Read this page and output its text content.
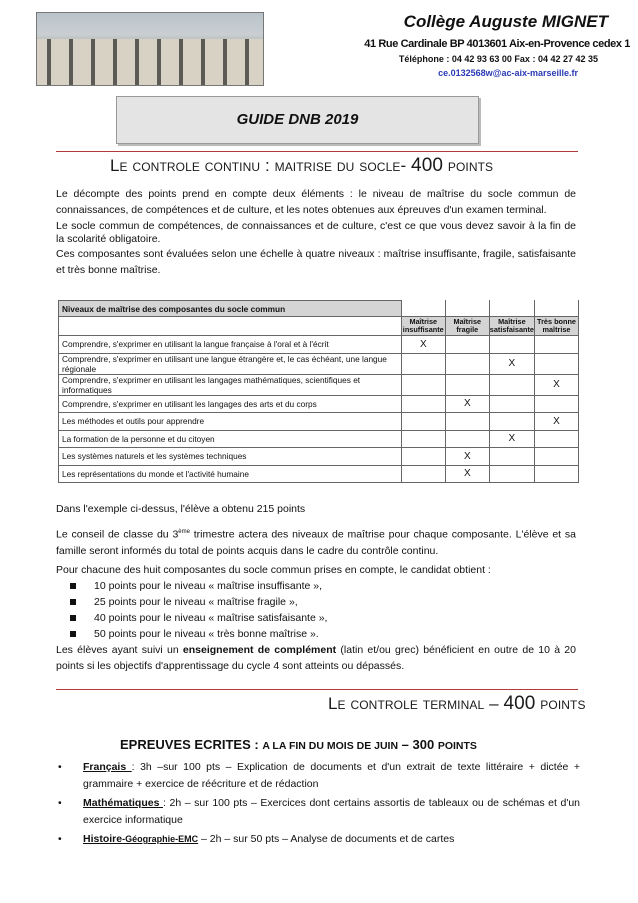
Collège Auguste MIGNET
41 Rue Cardinale BP 4013601 Aix-en-Provence cedex 1
Téléphone : 04 42 93 63 00 Fax : 04 42 27 42 35
ce.0132568w@ac-aix-marseille.fr
GUIDE DNB 2019
Le controle continu : maitrise du socle- 400 points
Le décompte des points prend en compte deux éléments : le niveau de maîtrise du socle commun de connaissances, de compétences et de culture, et les notes obtenues aux épreuves d'un examen terminal.
Le socle commun de compétences, de connaissances et de culture, c'est ce que vous devez savoir à la fin de la scolarité obligatoire.
Ces composantes sont évaluées selon une échelle à quatre niveaux : maîtrise insuffisante, fragile, satisfaisante et très bonne maîtrise.
Niveaux de maîtrise des composantes du socle commun				
	Maîtrise insuffisante	Maîtrise fragile	Maîtrise satisfaisante	Très bonne maîtrise
Comprendre, s'exprimer en utilisant la langue française à l'oral et à l'écrit	X			
Comprendre, s'exprimer en utilisant une langue étrangère et, le cas échéant, une langue régionale			X	
Comprendre, s'exprimer en utilisant les langages mathématiques, scientifiques et informatiques				X
Comprendre, s'exprimer en utilisant les langages des arts et du corps		X		
Les méthodes et outils pour apprendre				X
La formation de la personne et du citoyen			X	
Les systèmes naturels et les systèmes techniques		X		
Les représentations du monde et l'activité humaine		X		
Dans l'exemple ci-dessus, l'élève a obtenu 215 points
Le conseil de classe du 3ème trimestre actera des niveaux de maîtrise pour chaque composante. L'élève et sa famille seront informés du total de points acquis dans le cadre du contrôle continu.
Pour chacune des huit composantes du socle commun prises en compte, le candidat obtient :
10 points pour le niveau « maîtrise insuffisante »,
25 points pour le niveau « maîtrise fragile »,
40 points pour le niveau « maîtrise satisfaisante »,
50 points pour le niveau « très bonne maîtrise ».
Les élèves ayant suivi un enseignement de complément (latin et/ou grec) bénéficient en outre de 10 à 20 points si les objectifs d'apprentissage du cycle 4 sont atteints ou dépassés.
Le controle terminal – 400 points
EPREUVES ECRITES : A LA FIN DU MOIS DE JUIN – 300 POINTS
• Français : 3h –sur 100 pts – Explication de documents et d'un extrait de texte littéraire + dictée + grammaire + exercice de réécriture et de rédaction
• Mathématiques : 2h – sur 100 pts – Exercices dont certains assortis de tableaux ou de schémas et d'un exercice informatique
• Histoire-Géographie-EMC – 2h – sur 50 pts – Analyse de documents et de cartes
